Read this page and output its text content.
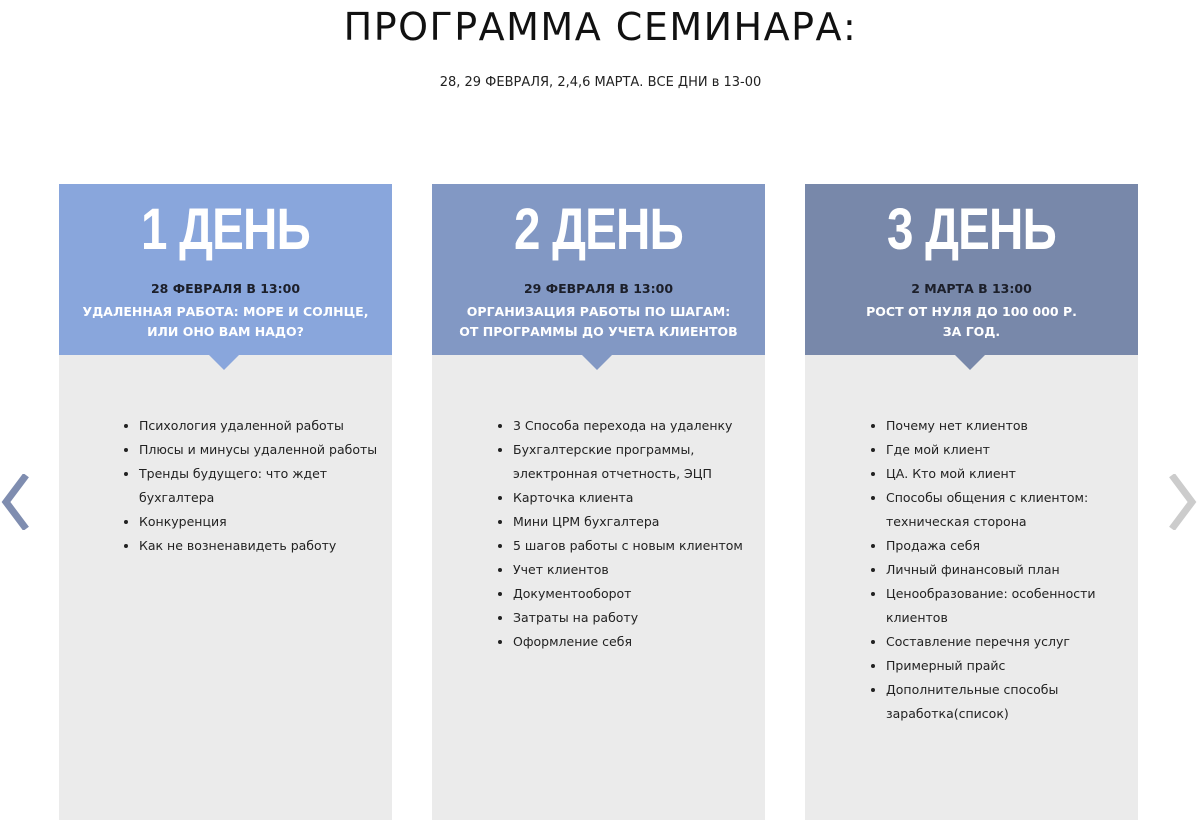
ПРОГРАММА СЕМИНАРА:
28, 29 ФЕВРАЛЯ, 2,4,6 МАРТА. ВСЕ ДНИ в 13-00
1 ДЕНЬ
28 ФЕВРАЛЯ В 13:00
УДАЛЕННАЯ РАБОТА: МОРЕ И СОЛНЦЕ,
ИЛИ ОНО ВАМ НАДО?
• Психология удаленной работы
• Плюсы и минусы удаленной работы
• Тренды будущего: что ждет бухгалтера
• Конкуренция
• Как не возненавидеть работу
2 ДЕНЬ
29 ФЕВРАЛЯ В 13:00
ОРГАНИЗАЦИЯ РАБОТЫ ПО ШАГАМ:
ОТ ПРОГРАММЫ ДО УЧЕТА КЛИЕНТОВ
• 3 Способа перехода на удаленку
• Бухгалтерские программы, электронная отчетность, ЭЦП
• Карточка клиента
• Мини ЦРМ бухгалтера
• 5 шагов работы с новым клиентом
• Учет клиентов
• Документооборот
• Затраты на работу
• Оформление себя
3 ДЕНЬ
2 МАРТА В 13:00
РОСТ ОТ НУЛЯ ДО 100 000 Р.
ЗА ГОД.
• Почему нет клиентов
• Где мой клиент
• ЦА. Кто мой клиент
• Способы общения с клиентом: техническая сторона
• Продажа себя
• Личный финансовый план
• Ценообразование: особенности клиентов
• Составление перечня услуг
• Примерный прайс
• Дополнительные способы заработка(список)
